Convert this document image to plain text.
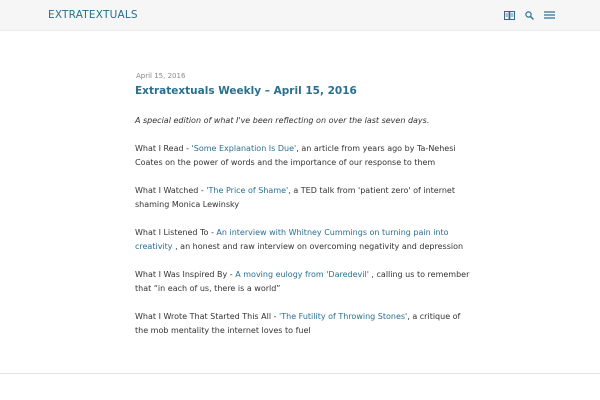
EXTRATEXTUALS
April 15, 2016
Extratextuals Weekly – April 15, 2016

A special edition of what I've been reflecting on over the last seven days.

What I Read - 'Some Explanation Is Due', an article from years ago by Ta-Nehesi Coates on the power of words and the importance of our response to them

What I Watched - 'The Price of Shame', a TED talk from 'patient zero' of internet shaming Monica Lewinsky

What I Listened To - An interview with Whitney Cummings on turning pain into creativity , an honest and raw interview on overcoming negativity and depression

What I Was Inspired By - A moving eulogy from 'Daredevil' , calling us to remember that “in each of us, there is a world”

What I Wrote That Started This All - 'The Futility of Throwing Stones', a critique of the mob mentality the internet loves to fuel
